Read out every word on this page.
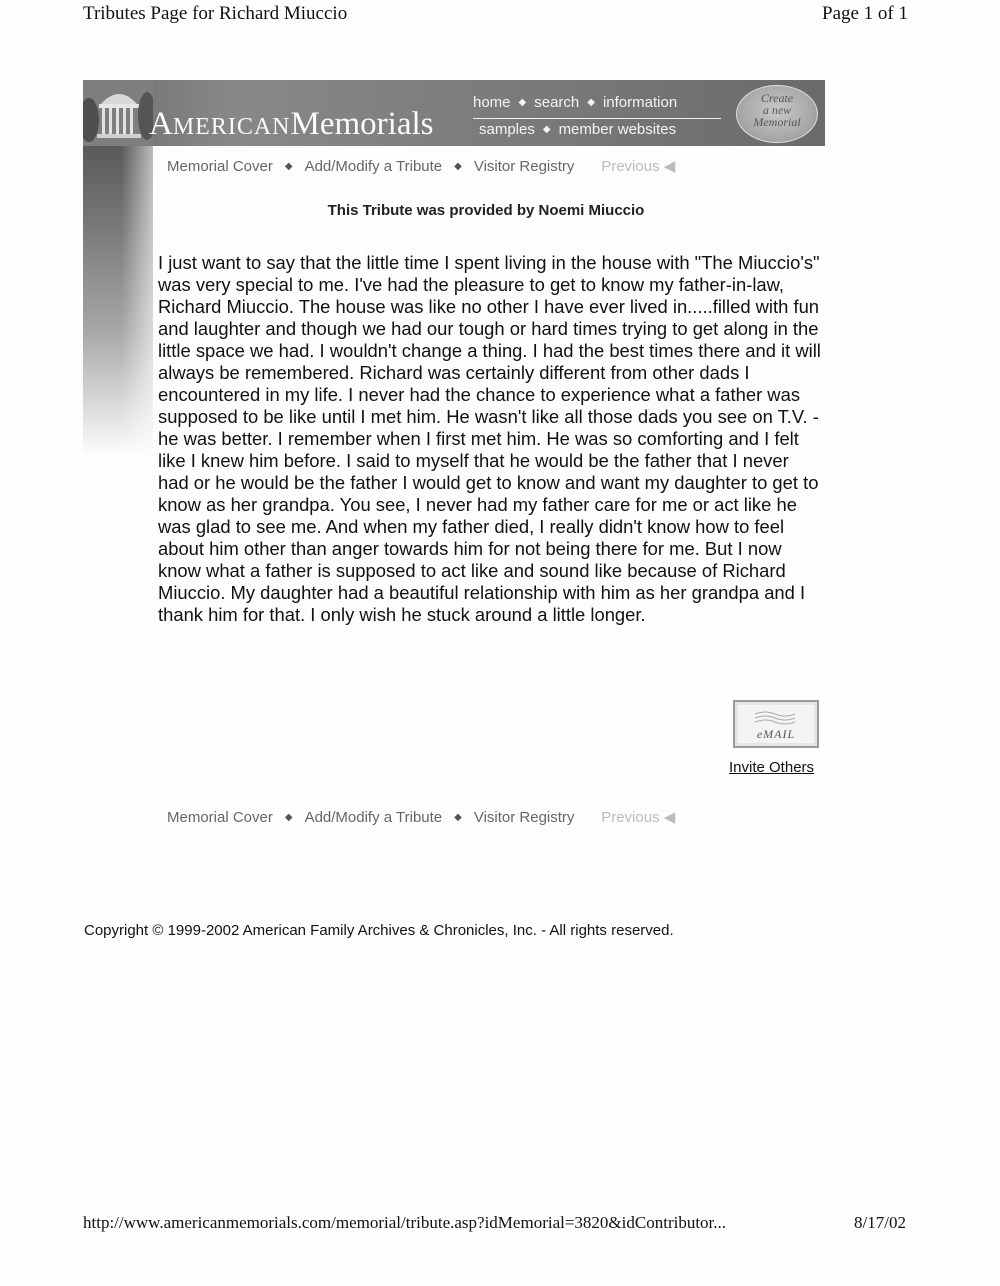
Tributes Page for Richard Miuccio	Page 1 of 1
AMERICANMemorials
home ◆ search ◆ information
samples ◆ member websites
Create
a new
Memorial
Memorial Cover ◆ Add/Modify a Tribute ◆ Visitor Registry Previous ◀
This Tribute was provided by Noemi Miuccio
I just want to say that the little time I spent living in the house with "The Miuccio's" was very special to me. I've had the pleasure to get to know my father-in-law, Richard Miuccio. The house was like no other I have ever lived in.....filled with fun and laughter and though we had our tough or hard times trying to get along in the little space we had. I wouldn't change a thing. I had the best times there and it will always be remembered. Richard was certainly different from other dads I encountered in my life. I never had the chance to experience what a father was supposed to be like until I met him. He wasn't like all those dads you see on T.V. - he was better. I remember when I first met him. He was so comforting and I felt like I knew him before. I said to myself that he would be the father that I never had or he would be the father I would get to know and want my daughter to get to know as her grandpa. You see, I never had my father care for me or act like he was glad to see me. And when my father died, I really didn't know how to feel about him other than anger towards him for not being there for me. But I now know what a father is supposed to act like and sound like because of Richard Miuccio. My daughter had a beautiful relationship with him as her grandpa and I thank him for that. I only wish he stuck around a little longer.
eMAIL
Invite Others
Memorial Cover ◆ Add/Modify a Tribute ◆ Visitor Registry Previous ◀
Copyright © 1999-2002 American Family Archives & Chronicles, Inc. - All rights reserved.
http://www.americanmemorials.com/memorial/tribute.asp?idMemorial=3820&idContributor...	8/17/02
